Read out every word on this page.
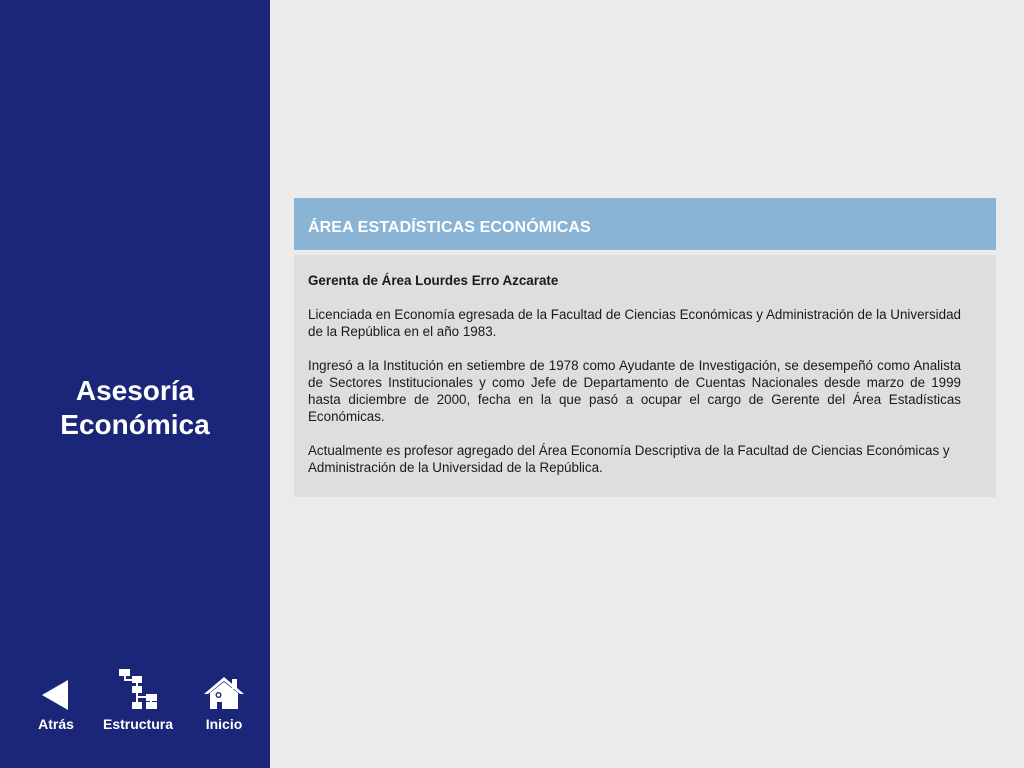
Asesoría
Económica
Atrás	Estructura	Inicio
ÁREA ESTADÍSTICAS ECONÓMICAS

Gerenta de Área Lourdes Erro Azcarate

Licenciada en Economía egresada de la Facultad de Ciencias Económicas y Administración de la Universidad de la República en el año 1983.

Ingresó a la Institución en setiembre de 1978 como Ayudante de Investigación, se desempeñó como Analista de Sectores Institucionales y como Jefe de Departamento de Cuentas Nacionales desde marzo de 1999 hasta diciembre de 2000, fecha en la que pasó a ocupar el cargo de Gerente del Área Estadísticas Económicas.

Actualmente es profesor agregado del Área Economía Descriptiva de la Facultad de Ciencias Económicas y Administración de la Universidad de la República.
